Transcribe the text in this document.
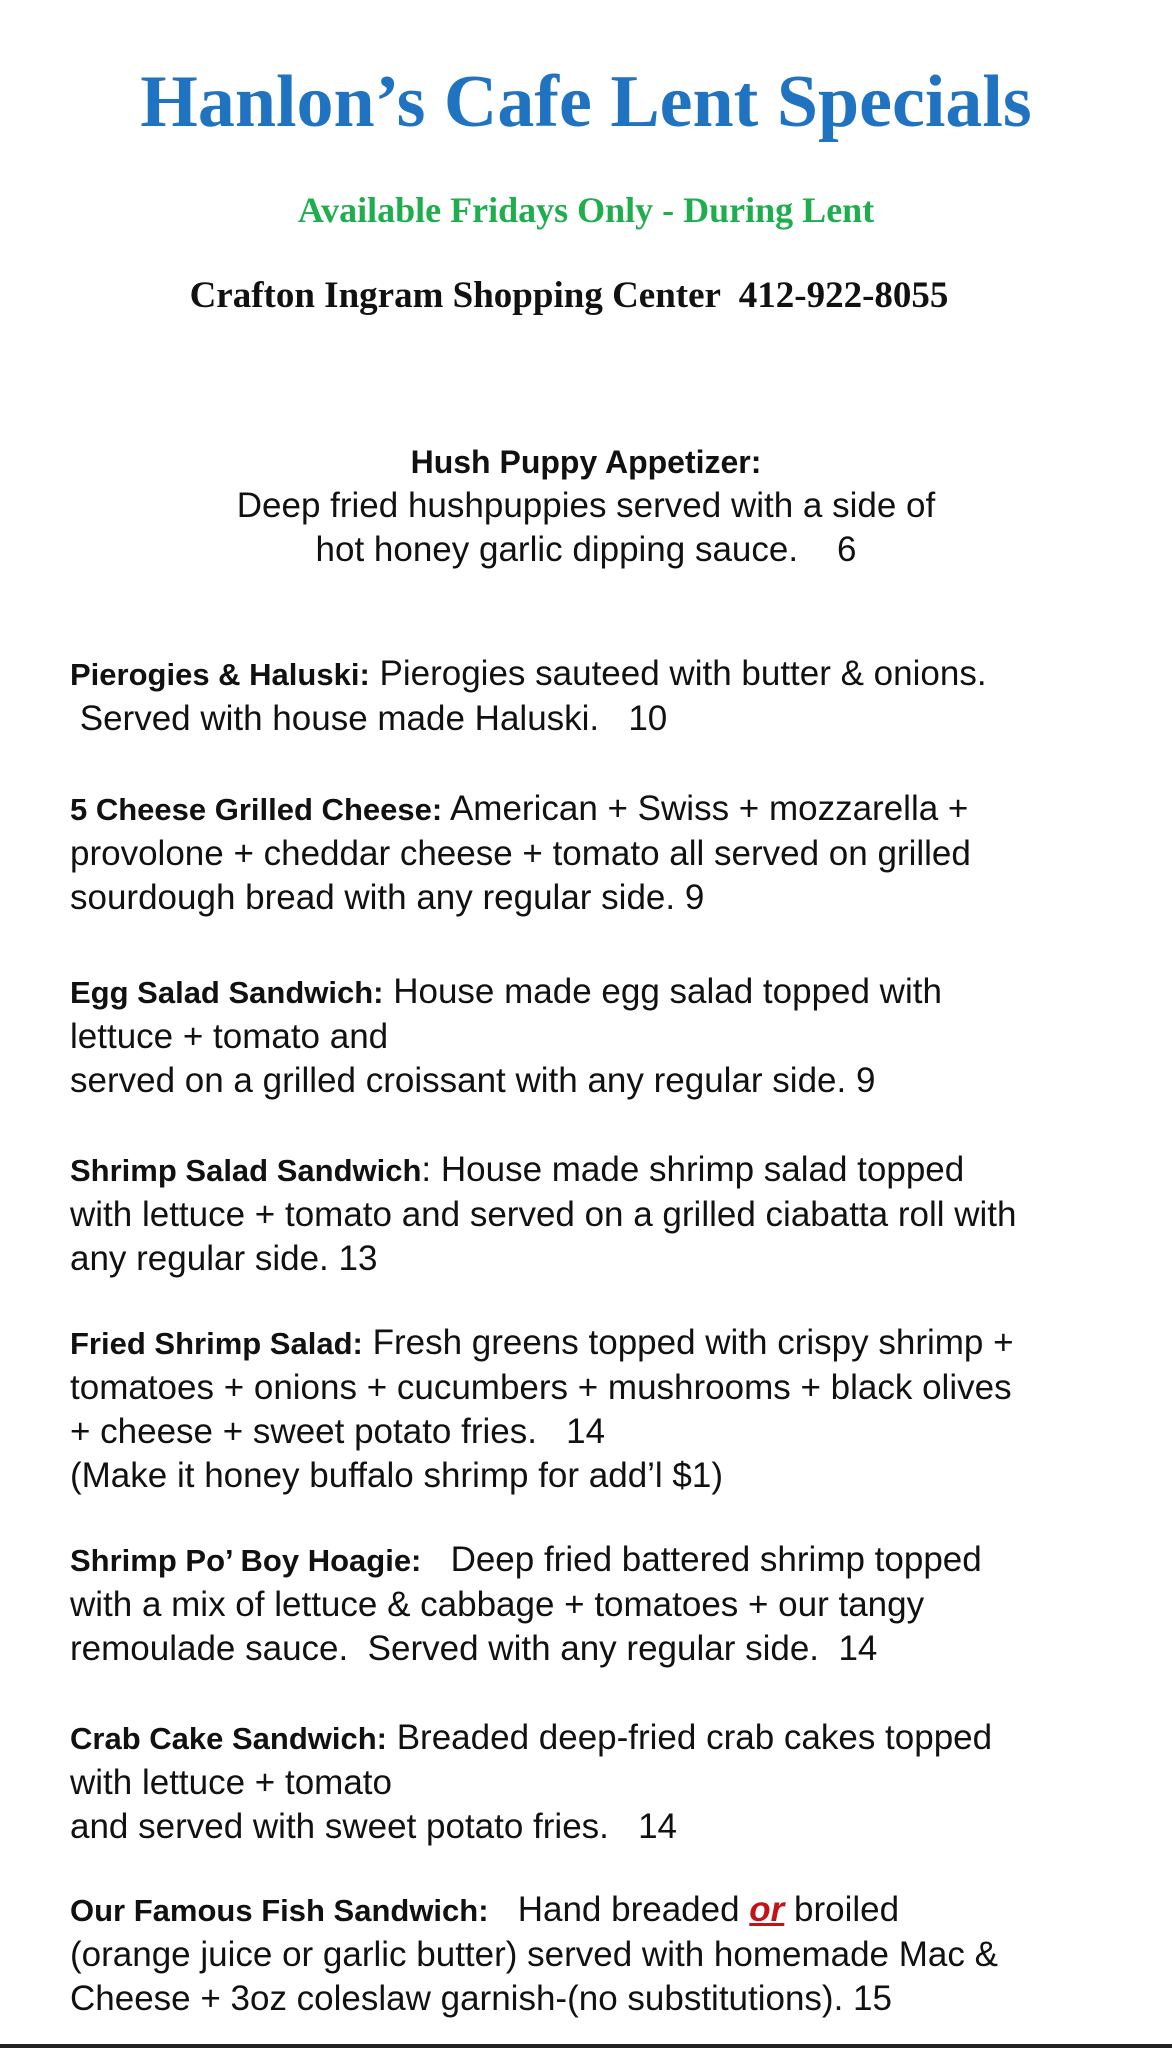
Hanlon’s Cafe Lent Specials
Available Fridays Only - During Lent
Crafton Ingram Shopping Center  412-922-8055
Hush Puppy Appetizer:
Deep fried hushpuppies served with a side of
hot honey garlic dipping sauce.    6
Pierogies & Haluski: Pierogies sauteed with butter & onions.
Served with house made Haluski.   10
5 Cheese Grilled Cheese: American + Swiss + mozzarella +
provolone + cheddar cheese + tomato all served on grilled
sourdough bread with any regular side. 9
Egg Salad Sandwich: House made egg salad topped with
lettuce + tomato and
served on a grilled croissant with any regular side. 9
Shrimp Salad Sandwich: House made shrimp salad topped
with lettuce + tomato and served on a grilled ciabatta roll with
any regular side. 13
Fried Shrimp Salad: Fresh greens topped with crispy shrimp +
tomatoes + onions + cucumbers + mushrooms + black olives
+ cheese + sweet potato fries.   14
(Make it honey buffalo shrimp for add’l $1)
Shrimp Po’ Boy Hoagie:   Deep fried battered shrimp topped
with a mix of lettuce & cabbage + tomatoes + our tangy
remoulade sauce.  Served with any regular side.  14
Crab Cake Sandwich: Breaded deep-fried crab cakes topped
with lettuce + tomato
and served with sweet potato fries.   14
Our Famous Fish Sandwich:   Hand breaded or broiled
(orange juice or garlic butter) served with homemade Mac &
Cheese + 3oz coleslaw garnish-(no substitutions). 15
